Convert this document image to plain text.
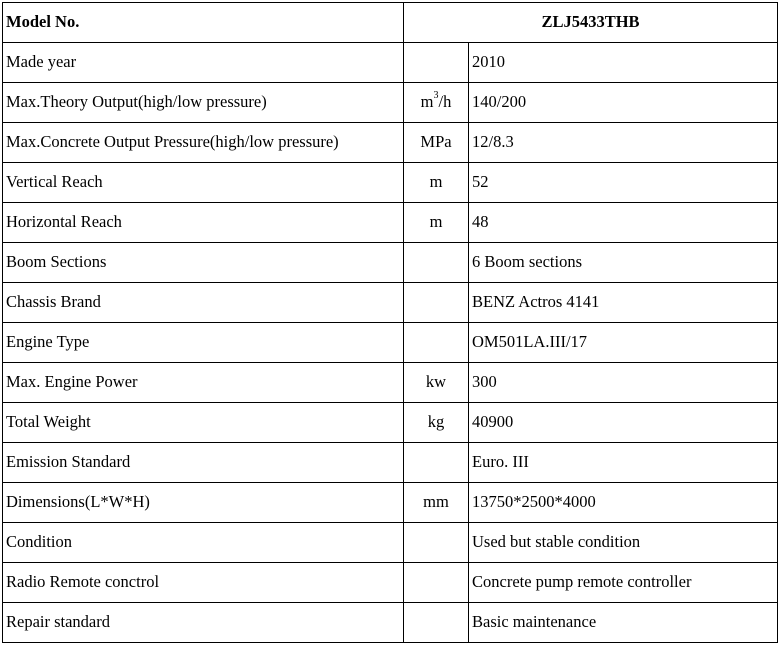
Model No.	ZLJ5433THB	
Made year		2010
Max.Theory Output(high/low pressure)	$m^3/h$	140/200
Max.Concrete Output Pressure(high/low pressure)	MPa	12/8.3
Vertical Reach	m	52
Horizontal Reach	m	48
Boom Sections		6 Boom sections
Chassis Brand		BENZ Actros 4141
Engine Type		OM501LA.III/17
Max. Engine Power	kw	300
Total Weight	kg	40900
Emission Standard		Euro. III
Dimensions(L*W*H)	mm	13750*2500*4000
Condition		Used but stable condition
Radio Remote conctrol		Concrete pump remote controller
Repair standard		Basic maintenance
